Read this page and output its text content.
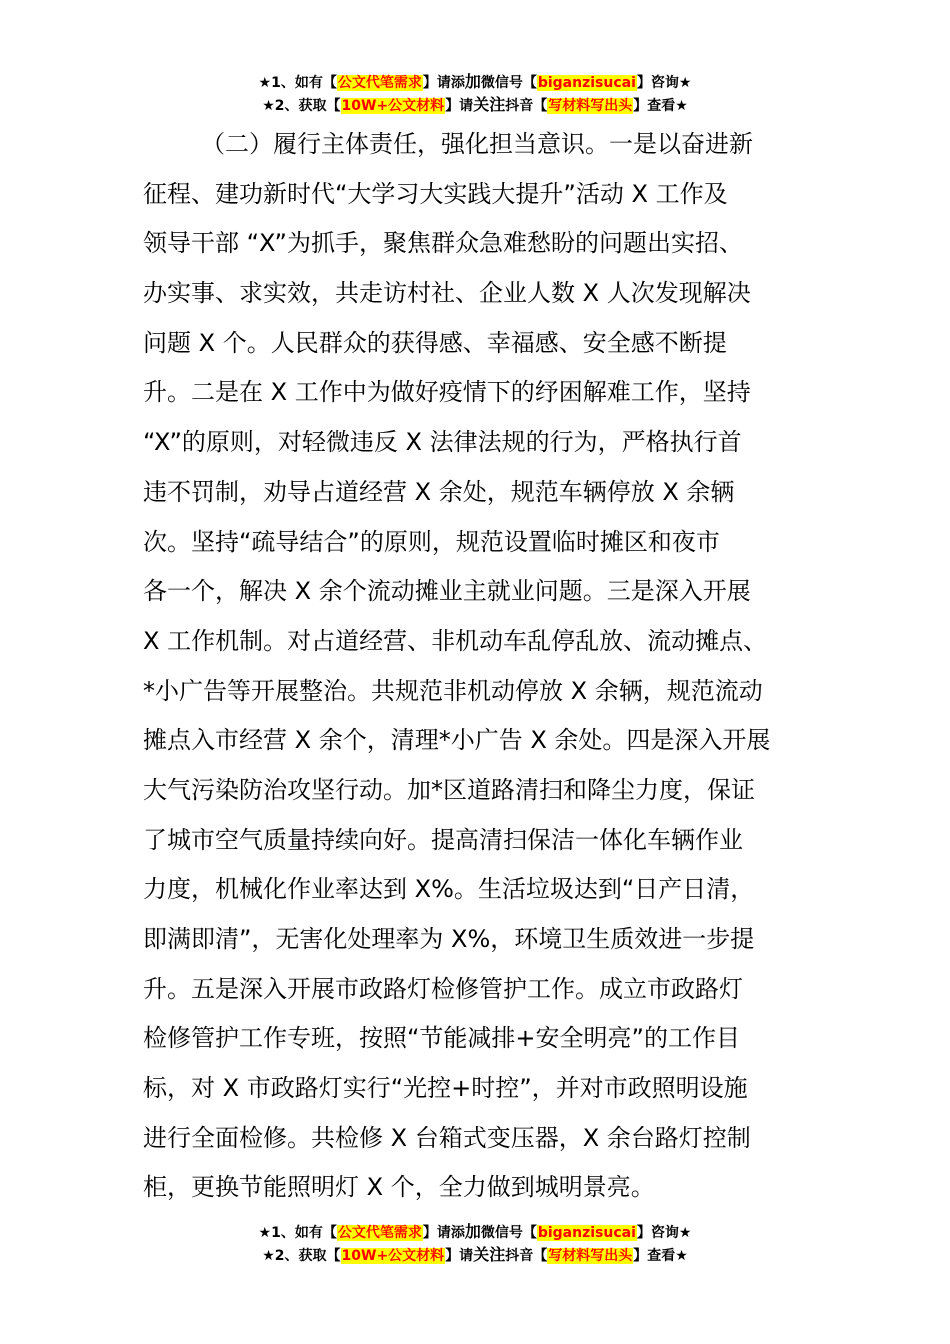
★1、如有【公文代笔需求】请添加微信号【biganzisucai】咨询★
★2、获取【10W+公文材料】请关注抖音【写材料写出头】查看★
（二）履行主体责任，强化担当意识。一是以奋进新
征程、建功新时代“大学习大实践大提升”活动 X 工作及
领导干部 “X”为抓手，聚焦群众急难愁盼的问题出实招、
办实事、求实效，共走访村社、企业人数 X 人次发现解决
问题 X 个。人民群众的获得感、幸福感、安全感不断提
升。二是在 X 工作中为做好疫情下的纾困解难工作，坚持
“X”的原则，对轻微违反 X 法律法规的行为，严格执行首
违不罚制，劝导占道经营 X 余处，规范车辆停放 X 余辆
次。坚持“疏导结合”的原则，规范设置临时摊区和夜市
各一个，解决 X 余个流动摊业主就业问题。三是深入开展
X 工作机制。对占道经营、非机动车乱停乱放、流动摊点、
*小广告等开展整治。共规范非机动停放 X 余辆，规范流动
摊点入市经营 X 余个，清理*小广告 X 余处。四是深入开展
大气污染防治攻坚行动。加*区道路清扫和降尘力度，保证
了城市空气质量持续向好。提高清扫保洁一体化车辆作业
力度，机械化作业率达到 X%。生活垃圾达到“日产日清，
即满即清”，无害化处理率为 X%，环境卫生质效进一步提
升。五是深入开展市政路灯检修管护工作。成立市政路灯
检修管护工作专班，按照“节能减排+安全明亮”的工作目
标，对 X 市政路灯实行“光控+时控”，并对市政照明设施
进行全面检修。共检修 X 台箱式变压器，X 余台路灯控制
柜，更换节能照明灯 X 个，全力做到城明景亮。
★1、如有【公文代笔需求】请添加微信号【biganzisucai】咨询★
★2、获取【10W+公文材料】请关注抖音【写材料写出头】查看★
